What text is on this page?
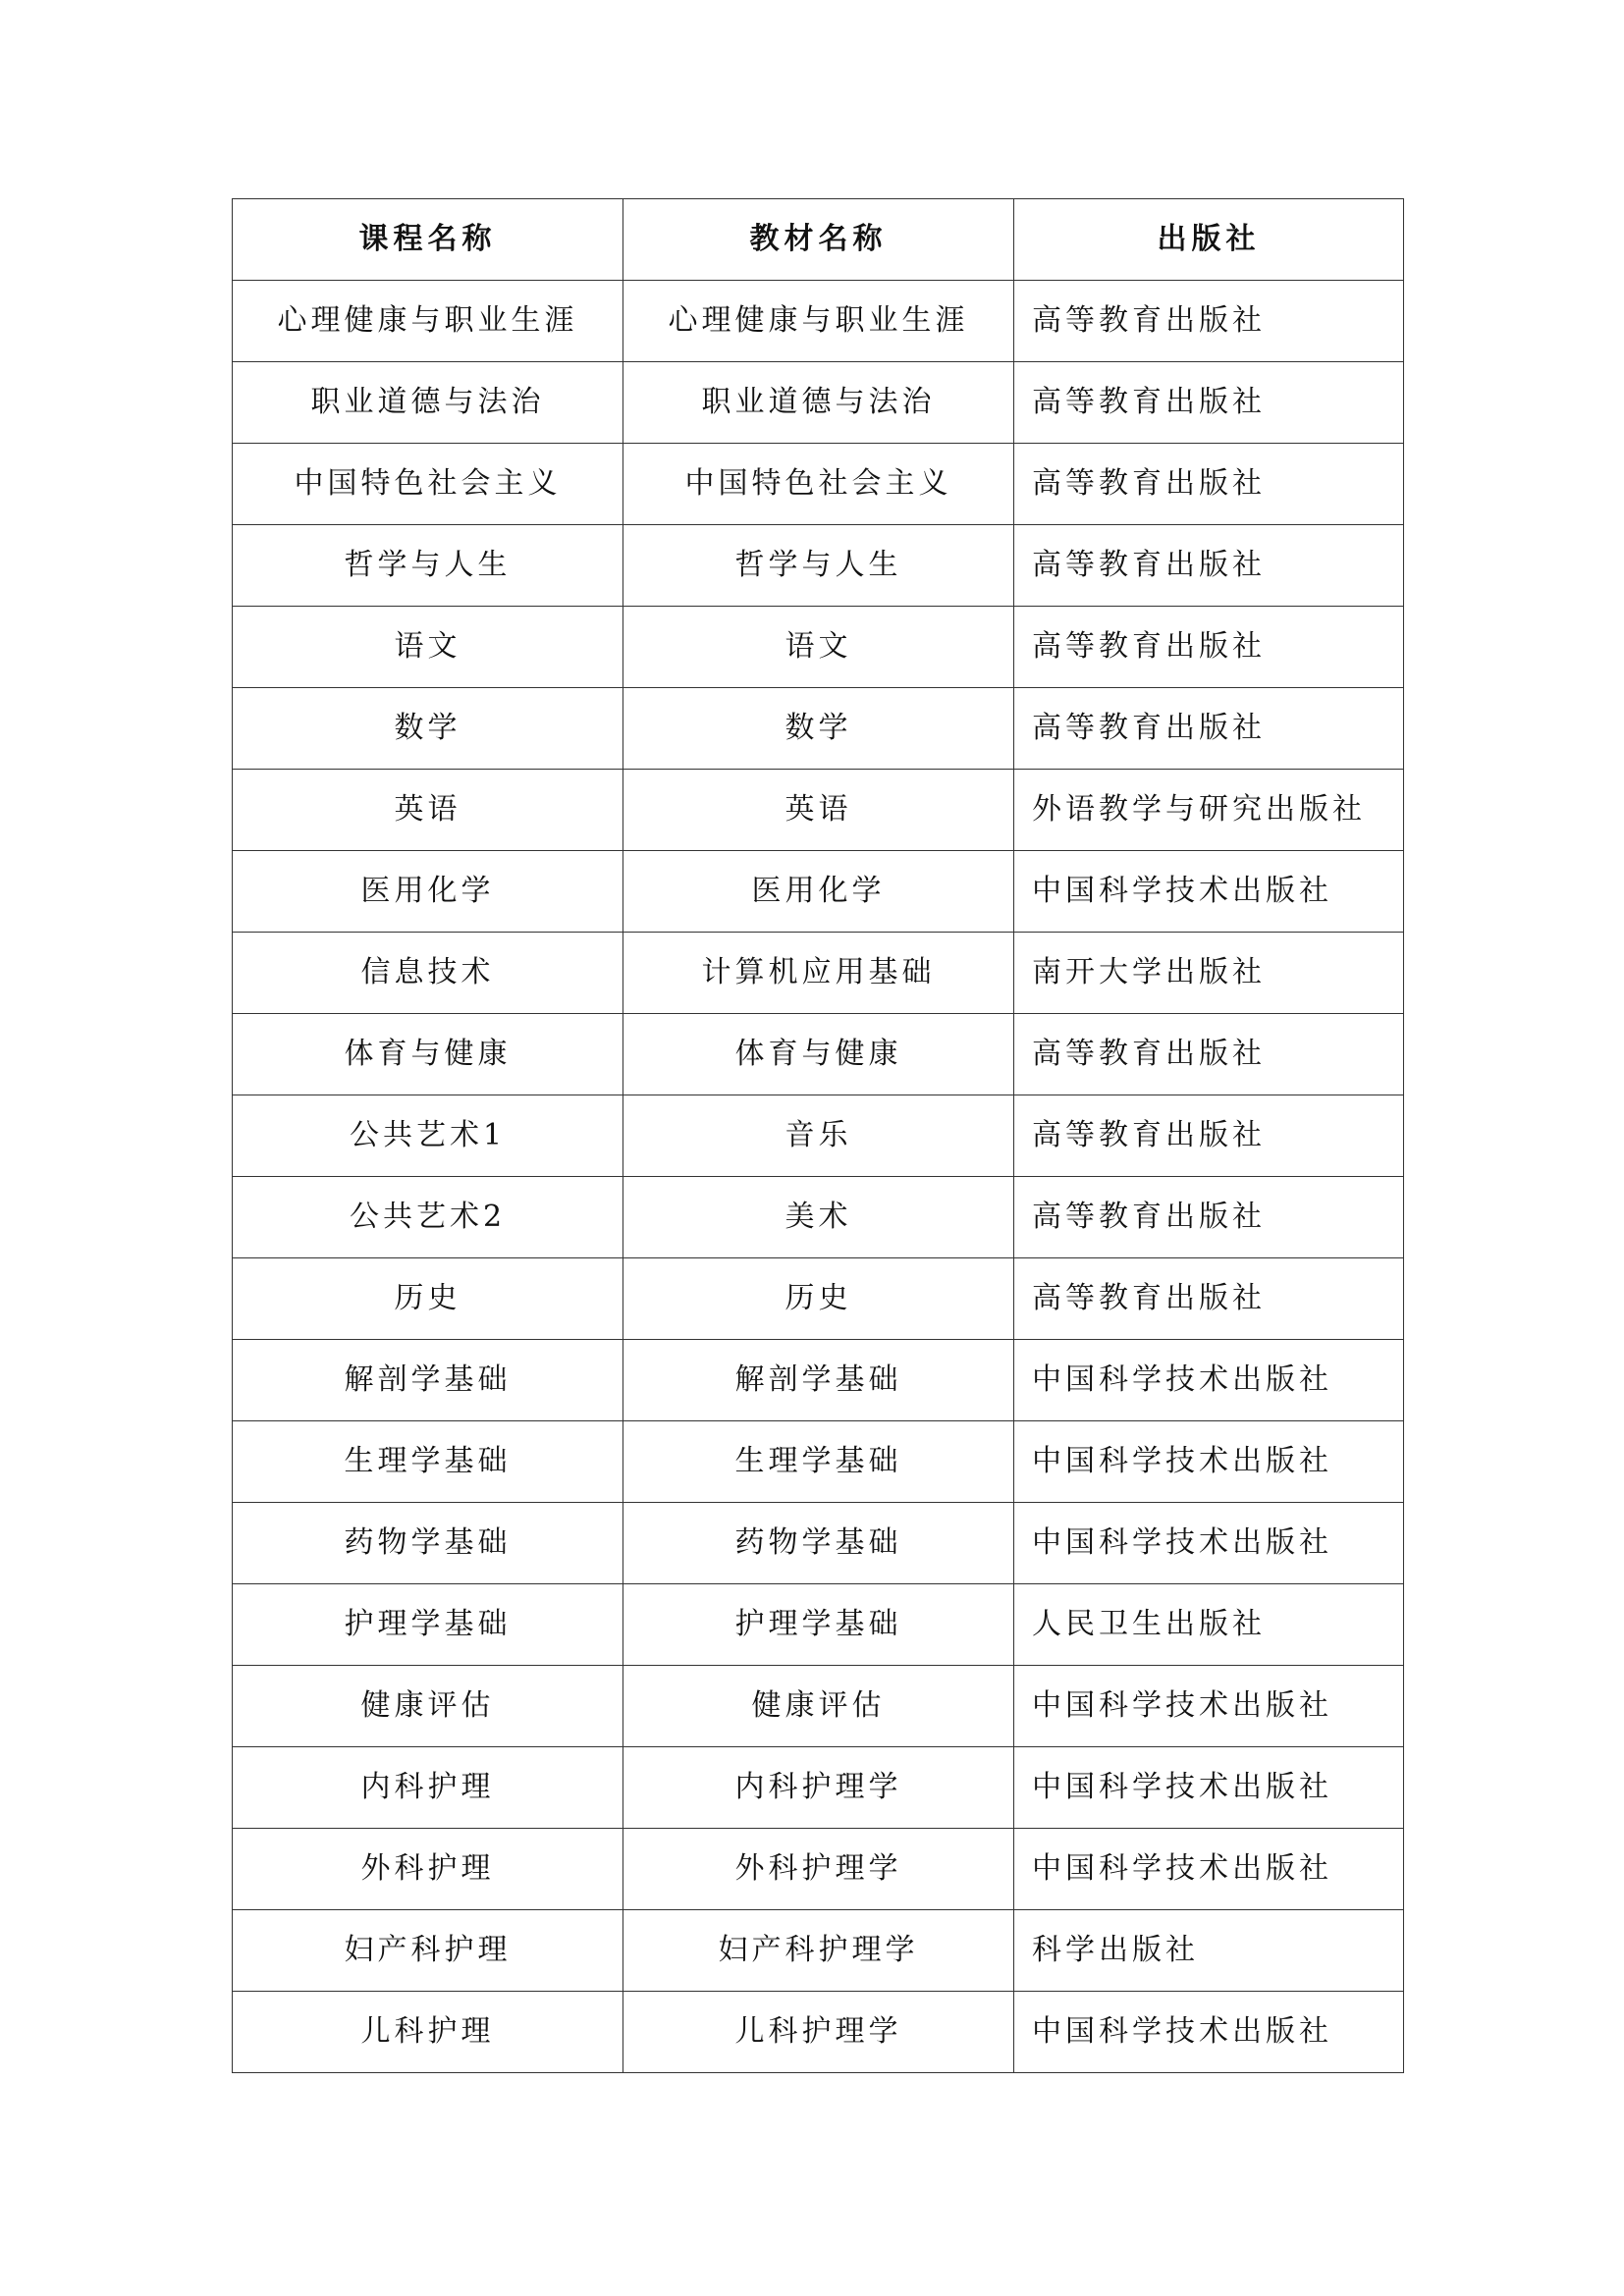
课程名称	教材名称	出版社
心理健康与职业生涯	心理健康与职业生涯	高等教育出版社
职业道德与法治	职业道德与法治	高等教育出版社
中国特色社会主义	中国特色社会主义	高等教育出版社
哲学与人生	哲学与人生	高等教育出版社
语文	语文	高等教育出版社
数学	数学	高等教育出版社
英语	英语	外语教学与研究出版社
医用化学	医用化学	中国科学技术出版社
信息技术	计算机应用基础	南开大学出版社
体育与健康	体育与健康	高等教育出版社
公共艺术1	音乐	高等教育出版社
公共艺术2	美术	高等教育出版社
历史	历史	高等教育出版社
解剖学基础	解剖学基础	中国科学技术出版社
生理学基础	生理学基础	中国科学技术出版社
药物学基础	药物学基础	中国科学技术出版社
护理学基础	护理学基础	人民卫生出版社
健康评估	健康评估	中国科学技术出版社
内科护理	内科护理学	中国科学技术出版社
外科护理	外科护理学	中国科学技术出版社
妇产科护理	妇产科护理学	科学出版社
儿科护理	儿科护理学	中国科学技术出版社
